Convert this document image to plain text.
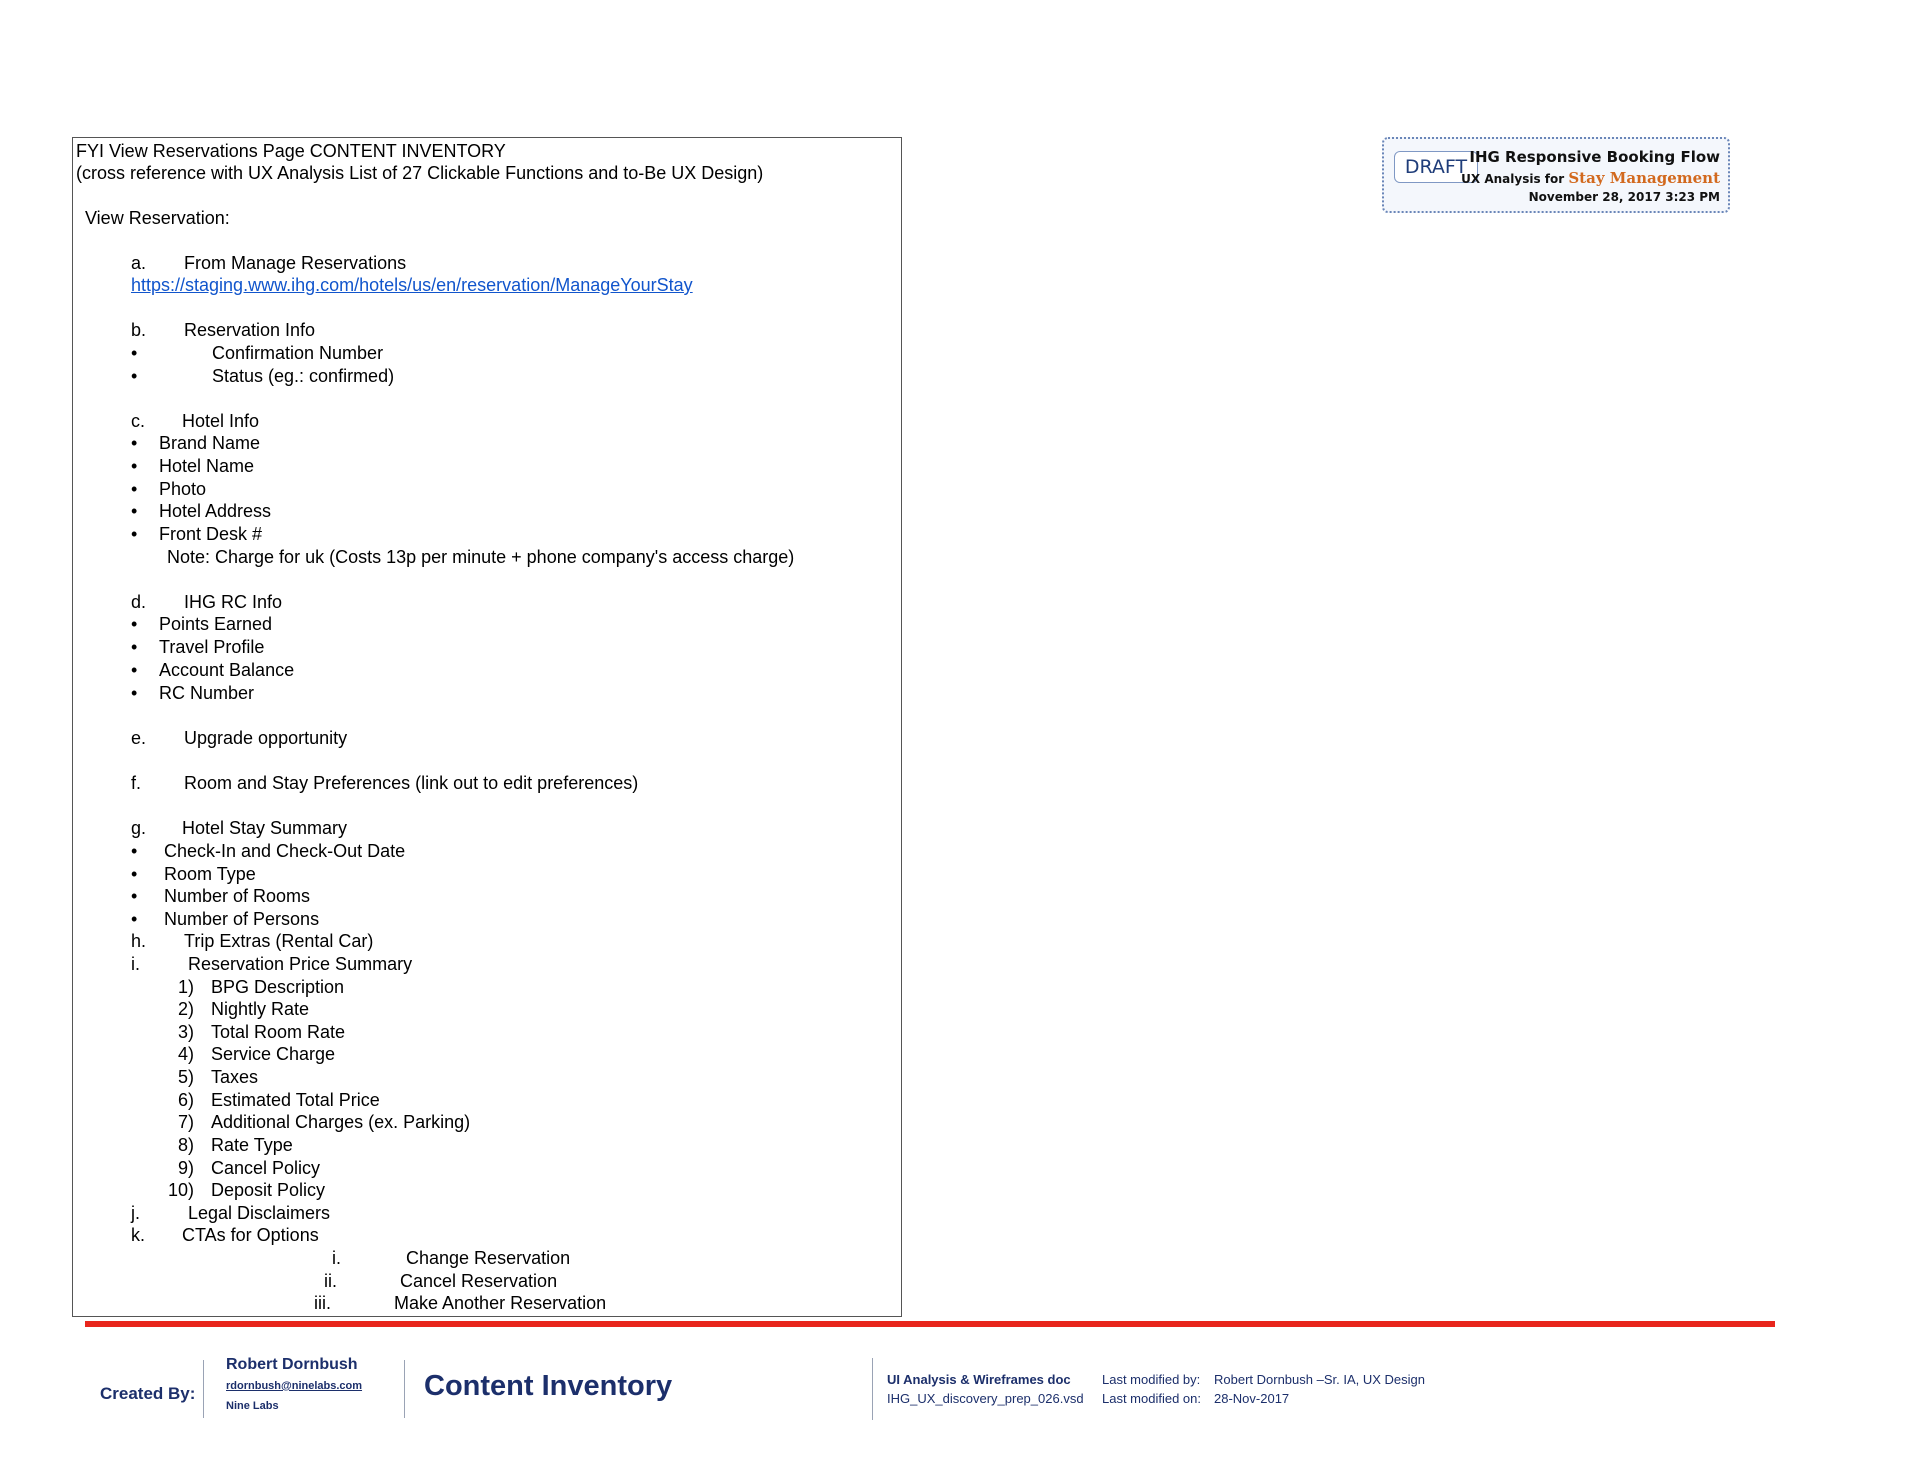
FYI View Reservations Page CONTENT INVENTORY
(cross reference with UX Analysis List of 27 Clickable Functions and to-Be UX Design)
View Reservation:
a. From Manage Reservations
https://staging.www.ihg.com/hotels/us/en/reservation/ManageYourStay
b. Reservation Info
•	Confirmation Number
•	Status (eg.: confirmed)
c. Hotel Info
• Brand Name
• Hotel Name
• Photo
• Hotel Address
• Front Desk #
Note: Charge for uk (Costs 13p per minute + phone company's access charge)
d. IHG RC Info
• Points Earned
• Travel Profile
• Account Balance
• RC Number
e. Upgrade opportunity
f. Room and Stay Preferences (link out to edit preferences)
g. Hotel Stay Summary
• Check-In and Check-Out Date
• Room Type
• Number of Rooms
• Number of Persons
h. Trip Extras (Rental Car)
i.	Reservation Price Summary
1) BPG Description
2) Nightly Rate
3) Total Room Rate
4) Service Charge
5) Taxes
6) Estimated Total Price
7) Additional Charges (ex. Parking)
8) Rate Type
9) Cancel Policy
10) Deposit Policy
j.	Legal Disclaimers
k. CTAs for Options
i.	Change Reservation
ii.	Cancel Reservation
iii.	Make Another Reservation
DRAFT IHG Responsive Booking Flow
UX Analysis for Stay Management
November 28, 2017 3:23 PM
Created By:
Robert Dornbush
rdornbush@ninelabs.com
Nine Labs
Content Inventory	UI Analysis & Wireframes doc
IHG_UX_discovery_prep_026.vsd
Last modified by:
Last modified on:
Robert Dornbush –Sr. IA, UX Design
28-Nov-2017
